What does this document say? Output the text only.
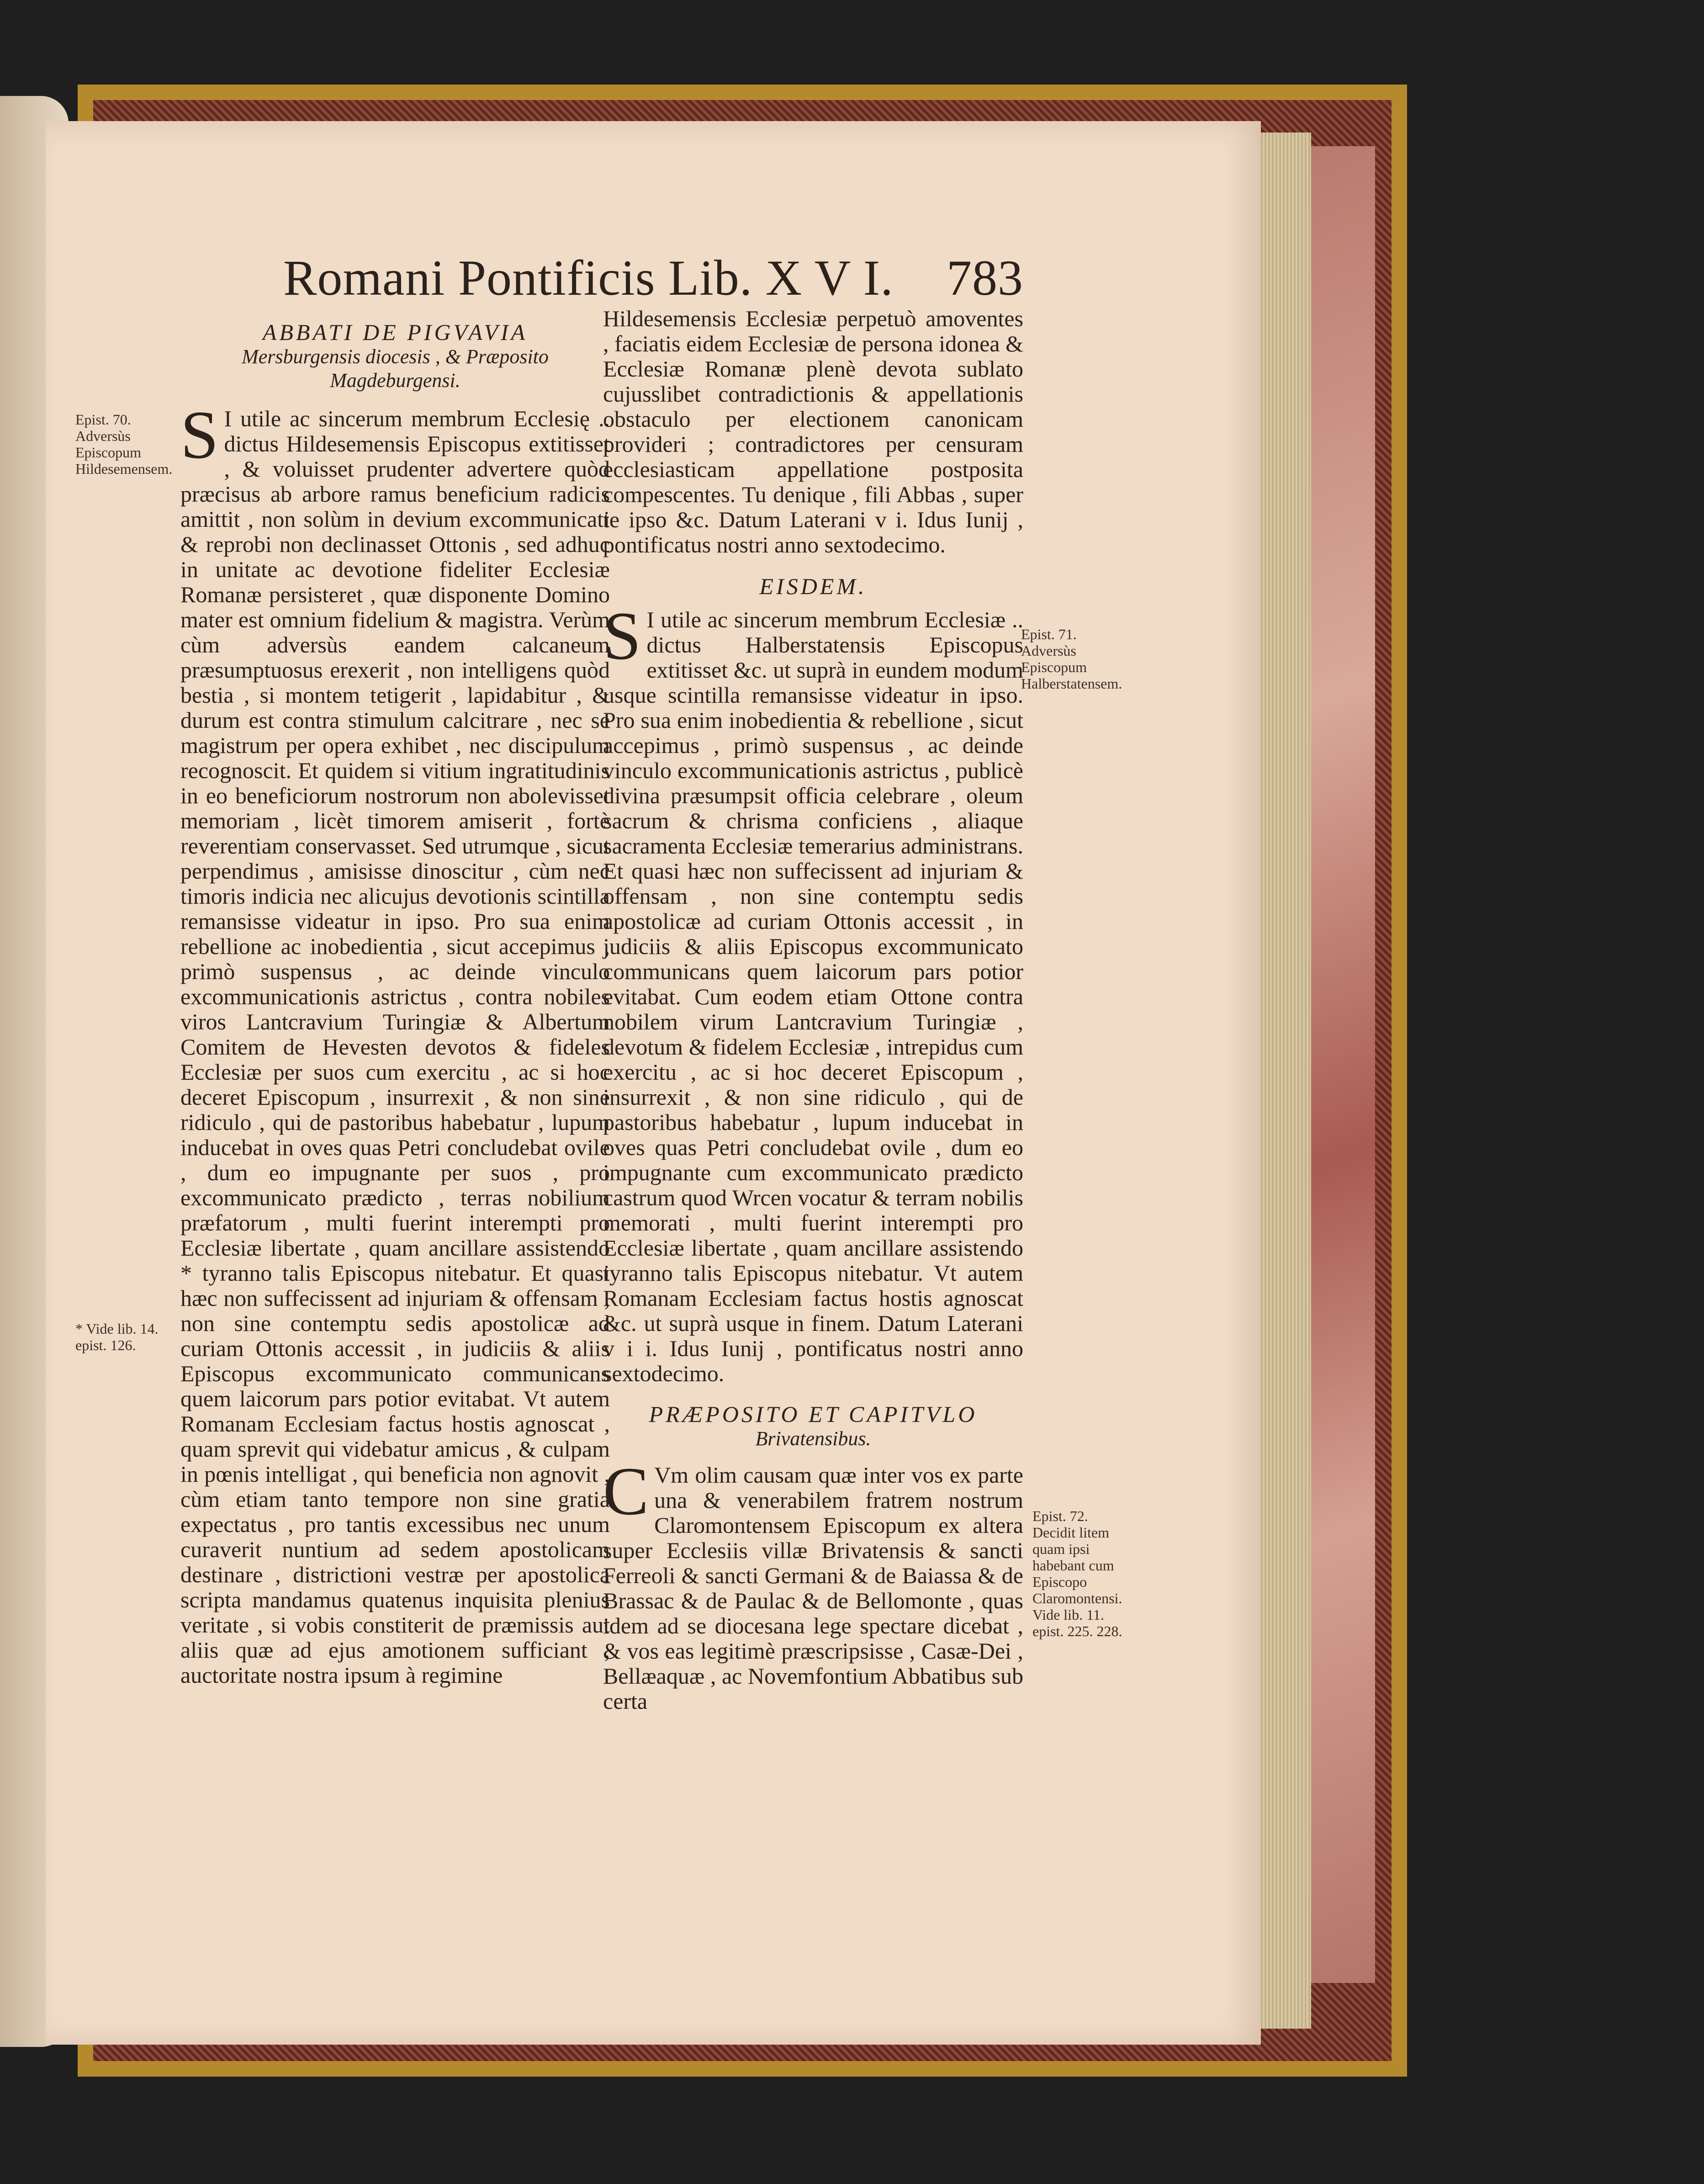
Romani Pontificis Lib. X V I. 783
ABBATI DE PIGVAVIA
Mersburgensis diocesis , & Præposito
Magdeburgensi.

S I utile ac sincerum membrum Ecclesię .. dictus Hildesemensis Episcopus extitisset , & voluisset prudenter advertere quòd præcisus ab arbore ramus beneficium radicis amittit , non solùm in devium excommunicati & reprobi non declinasset Ottonis , sed adhuc in unitate ac devotione fideliter Ecclesiæ Romanæ persisteret , quæ disponente Domino mater est omnium fidelium & magistra. Verùm cùm adversùs eandem calcaneum præsumptuosus erexerit , non intelligens quòd bestia , si montem tetigerit , lapidabitur , & durum est contra stimulum calcitrare , nec se magistrum per opera exhibet , nec discipulum recognoscit. Et quidem si vitium ingratitudinis in eo beneficiorum nostrorum non abolevisset memoriam , licèt timorem amiserit , fortè reverentiam conservasset. Sed utrumque , sicut perpendimus , amisisse dinoscitur , cùm nec timoris indicia nec alicujus devotionis scintilla remansisse videatur in ipso. Pro sua enim rebellione ac inobedientia , sicut accepimus , primò suspensus , ac deinde vinculo excommunicationis astrictus , contra nobiles viros Lantcravium Turingiæ & Albertum Comitem de Hevesten devotos & fideles Ecclesiæ per suos cum exercitu , ac si hoc deceret Episcopum , insurrexit , & non sine ridiculo , qui de pastoribus habebatur , lupum inducebat in oves quas Petri concludebat ovile , dum eo impugnante per suos , pro excommunicato prædicto , terras nobilium præfatorum , multi fuerint interempti pro Ecclesiæ libertate , quam ancillare assistendo * tyranno talis Episcopus nitebatur. Et quasi hæc non suffecissent ad injuriam & offensam , non sine contemptu sedis apostolicæ ad curiam Ottonis accessit , in judiciis & aliis Episcopus excommunicato communicans quem laicorum pars potior evitabat. Vt autem Romanam Ecclesiam factus hostis agnoscat , quam sprevit qui videbatur amicus , & culpam in pœnis intelligat , qui beneficia non agnovit , cùm etiam tanto tempore non sine gratia expectatus , pro tantis excessibus nec unum curaverit nuntium ad sedem apostolicam destinare , districtioni vestræ per apostolica scripta mandamus quatenus inquisita plenius veritate , si vobis constiterit de præmissis aut aliis quæ ad ejus amotionem sufficiant , auctoritate nostra ipsum à regimine

Hildesemensis Ecclesiæ perpetuò amoventes , faciatis eidem Ecclesiæ de persona idonea & Ecclesiæ Romanæ plenè devota sublato cujusslibet contradictionis & appellationis obstaculo per electionem canonicam provideri ; contradictores per censuram ecclesiasticam appellatione postposita compescentes. Tu denique , fili Abbas , super te ipso &c. Datum Laterani v i. Idus Iunij , pontificatus nostri anno sextodecimo.

EISDEM.

S I utile ac sincerum membrum Ecclesiæ .. dictus Halberstatensis Episcopus extitisset &c. ut suprà in eundem modum usque scintilla remansisse videatur in ipso. Pro sua enim inobedientia & rebellione , sicut accepimus , primò suspensus , ac deinde vinculo excommunicationis astrictus , publicè divina præsumpsit officia celebrare , oleum sacrum & chrisma conficiens , aliaque sacramenta Ecclesiæ temerarius administrans. Et quasi hæc non suffecissent ad injuriam & offensam , non sine contemptu sedis apostolicæ ad curiam Ottonis accessit , in judiciis & aliis Episcopus excommunicato communicans quem laicorum pars potior evitabat. Cum eodem etiam Ottone contra nobilem virum Lantcravium Turingiæ , devotum & fidelem Ecclesiæ , intrepidus cum exercitu , ac si hoc deceret Episcopum , insurrexit , & non sine ridiculo , qui de pastoribus habebatur , lupum inducebat in oves quas Petri concludebat ovile , dum eo impugnante cum excommunicato prædicto castrum quod Wrcen vocatur & terram nobilis memorati , multi fuerint interempti pro Ecclesiæ libertate , quam ancillare assistendo tyranno talis Episcopus nitebatur. Vt autem Romanam Ecclesiam factus hostis agnoscat &c. ut suprà usque in finem. Datum Laterani v i i. Idus Iunij , pontificatus nostri anno sextodecimo.

PRÆPOSITO ET CAPITVLO
Brivatensibus.

C Vm olim causam quæ inter vos ex parte una & venerabilem fratrem nostrum Claromontensem Episcopum ex altera super Ecclesiis villæ Brivatensis & sancti Ferreoli & sancti Germani & de Baiassa & de Brassac & de Paulac & de Bellomonte , quas idem ad se diocesana lege spectare dicebat , & vos eas legitimè præscripsisse , Casæ-Dei , Bellæaquæ , ac Novemfontium Abbatibus sub certa

Epist. 70. Adversùs Episcopum Hildesemensem.
* Vide lib. 14. epist. 126.
Epist. 71. Adversùs Episcopum Halberstatensem.
Epist. 72. Decidit litem quam ipsi habebant cum Episcopo Claromontensi. Vide lib. 11. epist. 225. 228.
